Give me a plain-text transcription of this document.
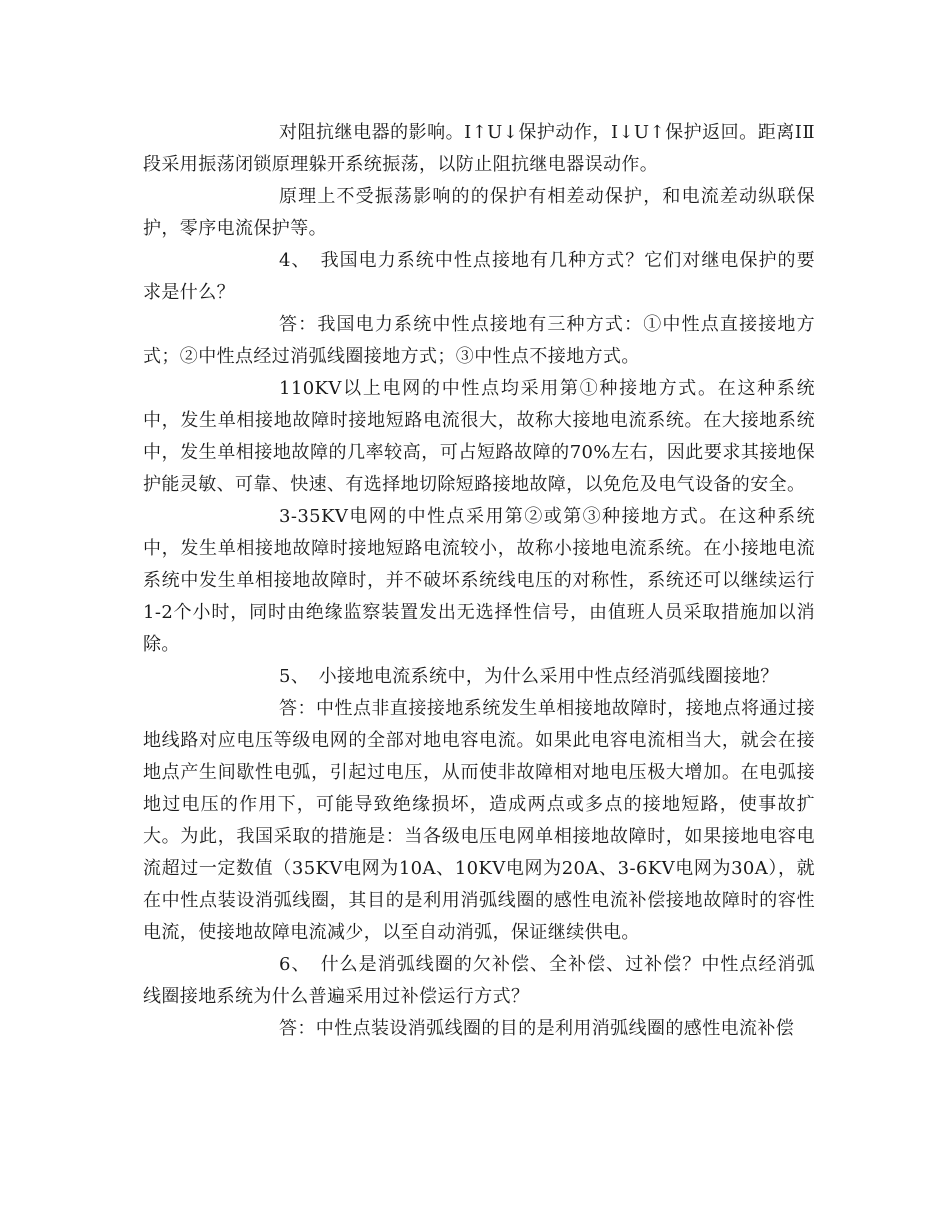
对阻抗继电器的影响。I↑U↓保护动作，I↓U↑保护返回。距离ⅠⅡ段采用振荡闭锁原理躲开系统振荡，以防止阻抗继电器误动作。

原理上不受振荡影响的的保护有相差动保护，和电流差动纵联保护，零序电流保护等。

4、　我国电力系统中性点接地有几种方式？它们对继电保护的要求是什么？

答：我国电力系统中性点接地有三种方式：①中性点直接接地方式；②中性点经过消弧线圈接地方式；③中性点不接地方式。

110KV以上电网的中性点均采用第①种接地方式。在这种系统中，发生单相接地故障时接地短路电流很大，故称大接地电流系统。在大接地系统中，发生单相接地故障的几率较高，可占短路故障的70%左右，因此要求其接地保护能灵敏、可靠、快速、有选择地切除短路接地故障，以免危及电气设备的安全。

3-35KV电网的中性点采用第②或第③种接地方式。在这种系统中，发生单相接地故障时接地短路电流较小，故称小接地电流系统。在小接地电流系统中发生单相接地故障时，并不破坏系统线电压的对称性，系统还可以继续运行1-2个小时，同时由绝缘监察装置发出无选择性信号，由值班人员采取措施加以消除。

5、　小接地电流系统中，为什么采用中性点经消弧线圈接地？

答：中性点非直接接地系统发生单相接地故障时，接地点将通过接地线路对应电压等级电网的全部对地电容电流。如果此电容电流相当大，就会在接地点产生间歇性电弧，引起过电压，从而使非故障相对地电压极大增加。在电弧接地过电压的作用下，可能导致绝缘损坏，造成两点或多点的接地短路，使事故扩大。为此，我国采取的措施是：当各级电压电网单相接地故障时，如果接地电容电流超过一定数值（35KV电网为10A、10KV电网为20A、3-6KV电网为30A），就在中性点装设消弧线圈，其目的是利用消弧线圈的感性电流补偿接地故障时的容性电流，使接地故障电流减少，以至自动消弧，保证继续供电。

6、　什么是消弧线圈的欠补偿、全补偿、过补偿？中性点经消弧线圈接地系统为什么普遍采用过补偿运行方式？

答：中性点装设消弧线圈的目的是利用消弧线圈的感性电流补偿
